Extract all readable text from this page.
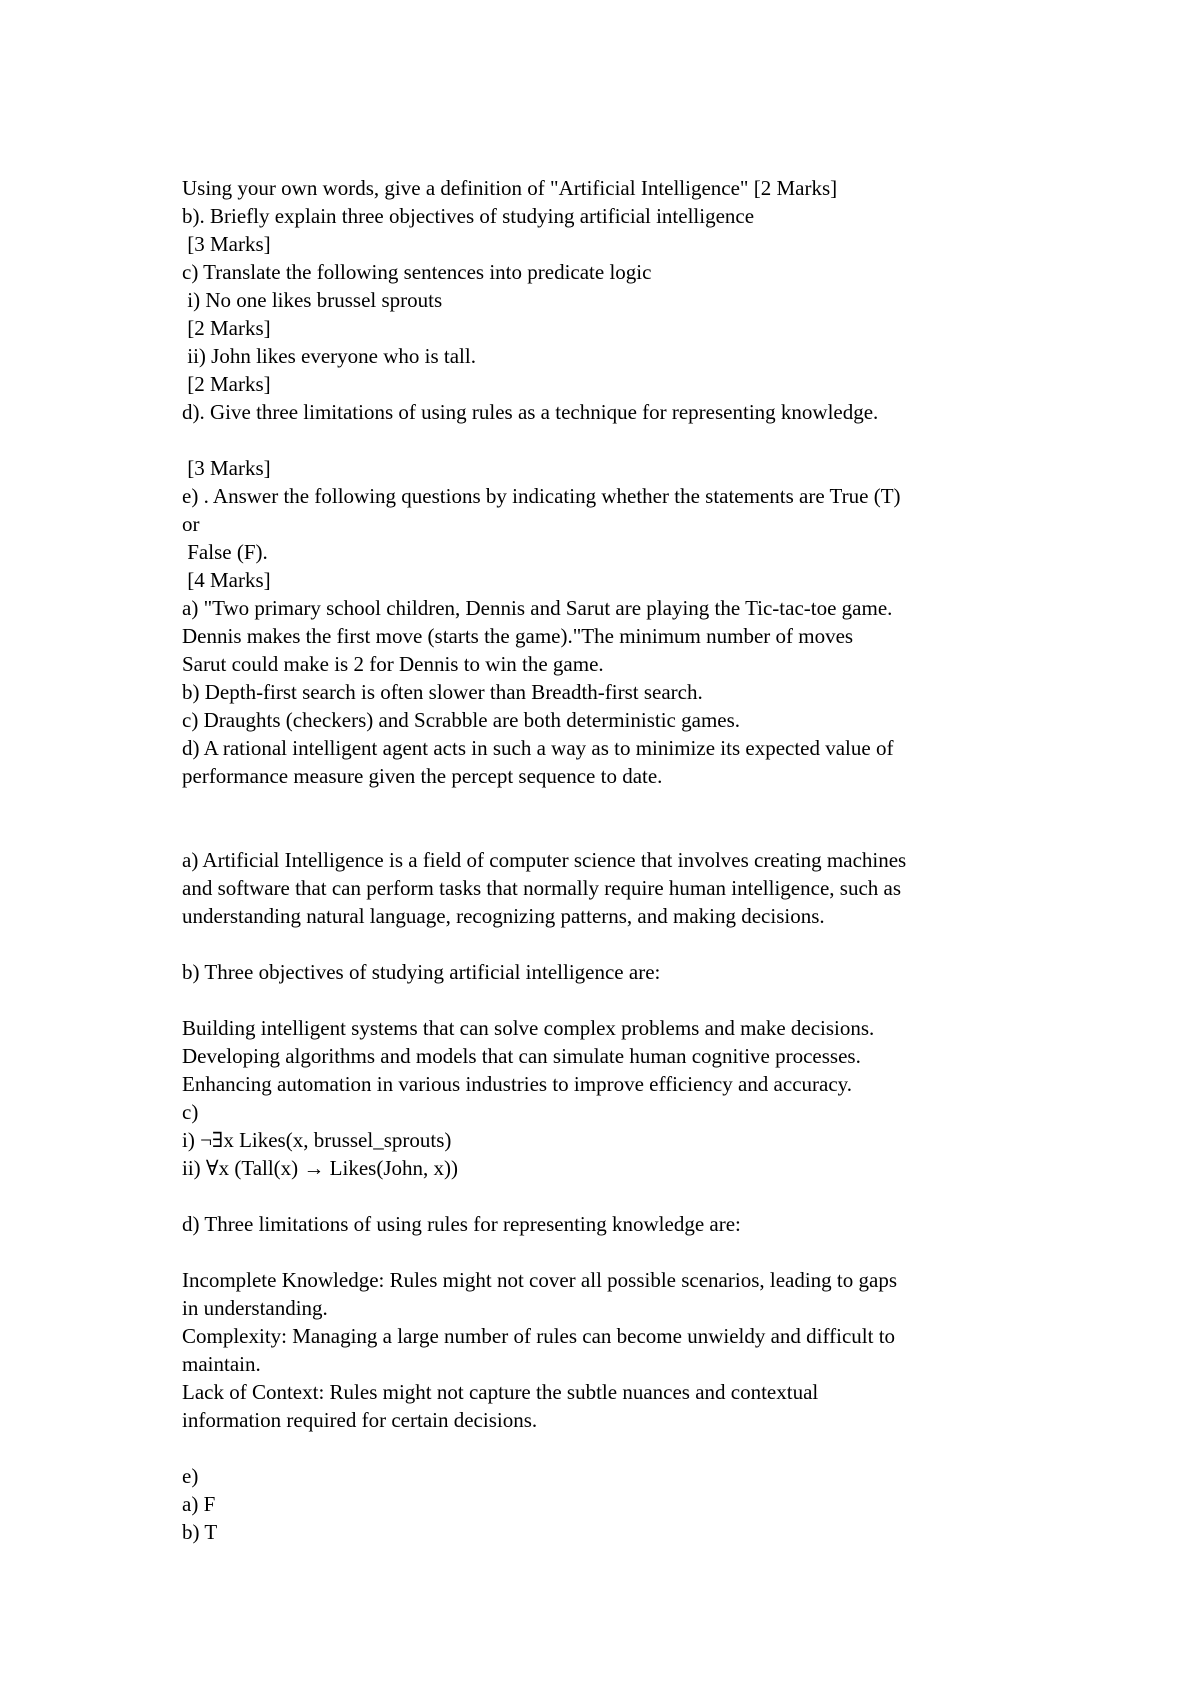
Using your own words, give a definition of "Artificial Intelligence" [2 Marks]
b). Briefly explain three objectives of studying artificial intelligence
[3 Marks]
c) Translate the following sentences into predicate logic
i) No one likes brussel sprouts
[2 Marks]
ii) John likes everyone who is tall.
[2 Marks]
d). Give three limitations of using rules as a technique for representing knowledge.
[3 Marks]
e) . Answer the following questions by indicating whether the statements are True (T)
or
False (F).
[4 Marks]
a) "Two primary school children, Dennis and Sarut are playing the Tic-tac-toe game.
Dennis makes the first move (starts the game)."The minimum number of moves
Sarut could make is 2 for Dennis to win the game.
b) Depth-first search is often slower than Breadth-first search.
c) Draughts (checkers) and Scrabble are both deterministic games.
d) A rational intelligent agent acts in such a way as to minimize its expected value of
performance measure given the percept sequence to date.
a) Artificial Intelligence is a field of computer science that involves creating machines
and software that can perform tasks that normally require human intelligence, such as
understanding natural language, recognizing patterns, and making decisions.
b) Three objectives of studying artificial intelligence are:
Building intelligent systems that can solve complex problems and make decisions.
Developing algorithms and models that can simulate human cognitive processes.
Enhancing automation in various industries to improve efficiency and accuracy.
c)
i) ¬∃x Likes(x, brussel_sprouts)
ii) ∀x (Tall(x) → Likes(John, x))
d) Three limitations of using rules for representing knowledge are:
Incomplete Knowledge: Rules might not cover all possible scenarios, leading to gaps
in understanding.
Complexity: Managing a large number of rules can become unwieldy and difficult to
maintain.
Lack of Context: Rules might not capture the subtle nuances and contextual
information required for certain decisions.
e)
a) F
b) T
